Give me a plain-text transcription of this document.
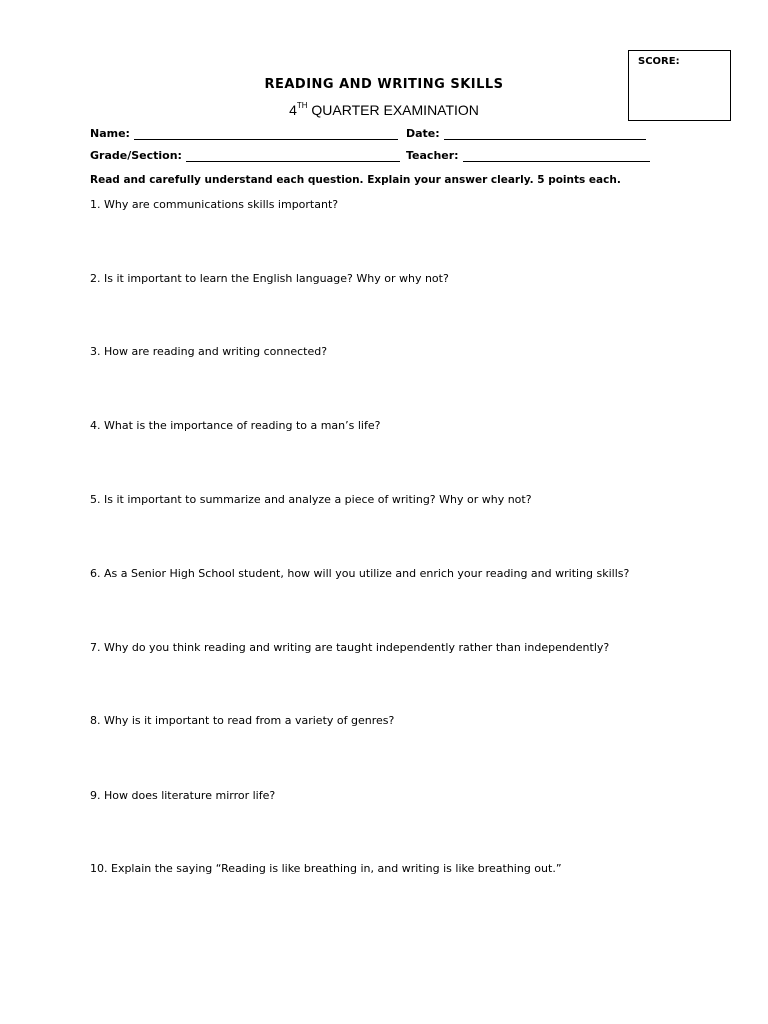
SCORE:
READING AND WRITING SKILLS
4TH QUARTER EXAMINATION
Name:	Date:
Grade/Section:	Teacher:
Read and carefully understand each question. Explain your answer clearly. 5 points each.
1. Why are communications skills important?
2. Is it important to learn the English language? Why or why not?
3. How are reading and writing connected?
4. What is the importance of reading to a man’s life?
5. Is it important to summarize and analyze a piece of writing? Why or why not?
6. As a Senior High School student, how will you utilize and enrich your reading and writing skills?
7. Why do you think reading and writing are taught independently rather than independently?
8. Why is it important to read from a variety of genres?
9. How does literature mirror life?
10. Explain the saying “Reading is like breathing in, and writing is like breathing out.”
